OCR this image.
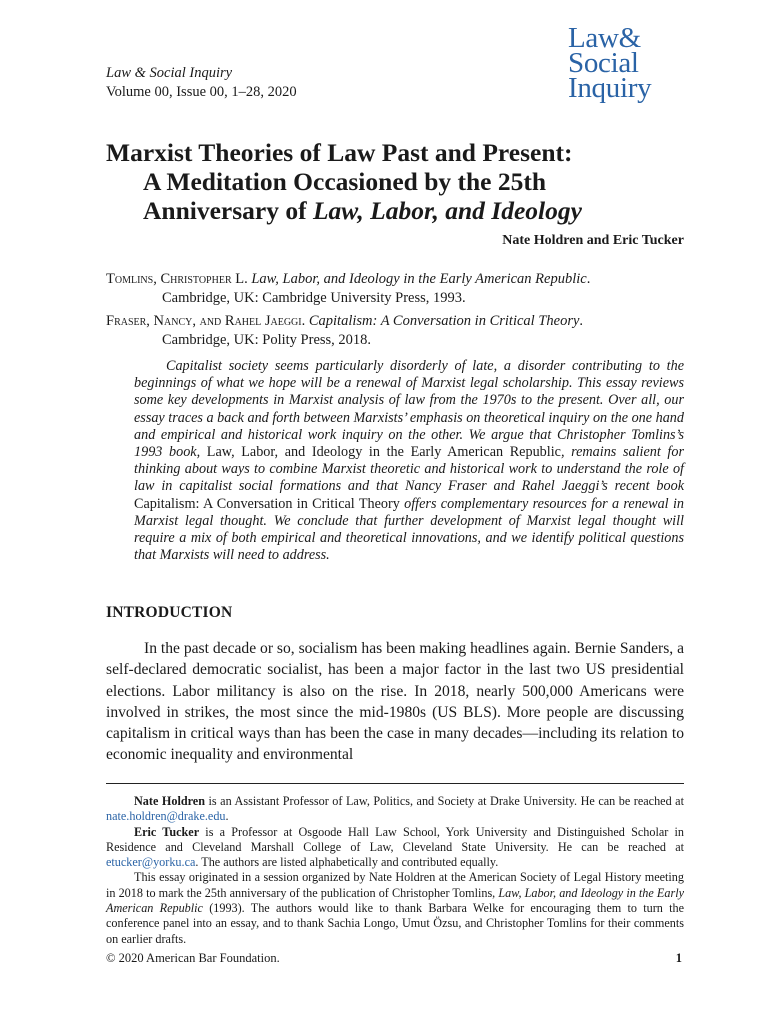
Law & Social Inquiry
Volume 00, Issue 00, 1–28, 2020
Law&
Social
Inquiry
Marxist Theories of Law Past and Present:
A Meditation Occasioned by the 25th
Anniversary of Law, Labor, and Ideology
Nate Holdren and Eric Tucker
Tomlins, Christopher L. Law, Labor, and Ideology in the Early American Republic.
Cambridge, UK: Cambridge University Press, 1993.
Fraser, Nancy, and Rahel Jaeggi. Capitalism: A Conversation in Critical Theory.
Cambridge, UK: Polity Press, 2018.

Capitalist society seems particularly disorderly of late, a disorder contributing to the beginnings of what we hope will be a renewal of Marxist legal scholarship. This essay reviews some key developments in Marxist analysis of law from the 1970s to the present. Over all, our essay traces a back and forth between Marxists’ emphasis on theoretical inquiry on the one hand and empirical and historical work inquiry on the other. We argue that Christopher Tomlins’s 1993 book, Law, Labor, and Ideology in the Early American Republic, remains salient for thinking about ways to combine Marxist theoretic and historical work to understand the role of law in capitalist social formations and that Nancy Fraser and Rahel Jaeggi’s recent book Capitalism: A Conversation in Critical Theory offers complementary resources for a renewal in Marxist legal thought. We conclude that further development of Marxist legal thought will require a mix of both empirical and theoretical innovations, and we identify political questions that Marxists will need to address.

INTRODUCTION

In the past decade or so, socialism has been making headlines again. Bernie Sanders, a self-declared democratic socialist, has been a major factor in the last two US presidential elections. Labor militancy is also on the rise. In 2018, nearly 500,000 Americans were involved in strikes, the most since the mid-1980s (US BLS). More people are discussing capitalism in critical ways than has been the case in many decades—including its relation to economic inequality and environmental

Nate Holdren is an Assistant Professor of Law, Politics, and Society at Drake University. He can be reached at nate.holdren@drake.edu.

Eric Tucker is a Professor at Osgoode Hall Law School, York University and Distinguished Scholar in Residence and Cleveland Marshall College of Law, Cleveland State University. He can be reached at etucker@yorku.ca. The authors are listed alphabetically and contributed equally.

This essay originated in a session organized by Nate Holdren at the American Society of Legal History meeting in 2018 to mark the 25th anniversary of the publication of Christopher Tomlins, Law, Labor, and Ideology in the Early American Republic (1993). The authors would like to thank Barbara Welke for encouraging them to turn the conference panel into an essay, and to thank Sachia Longo, Umut Özsu, and Christopher Tomlins for their comments on earlier drafts.

© 2020 American Bar Foundation.	1
